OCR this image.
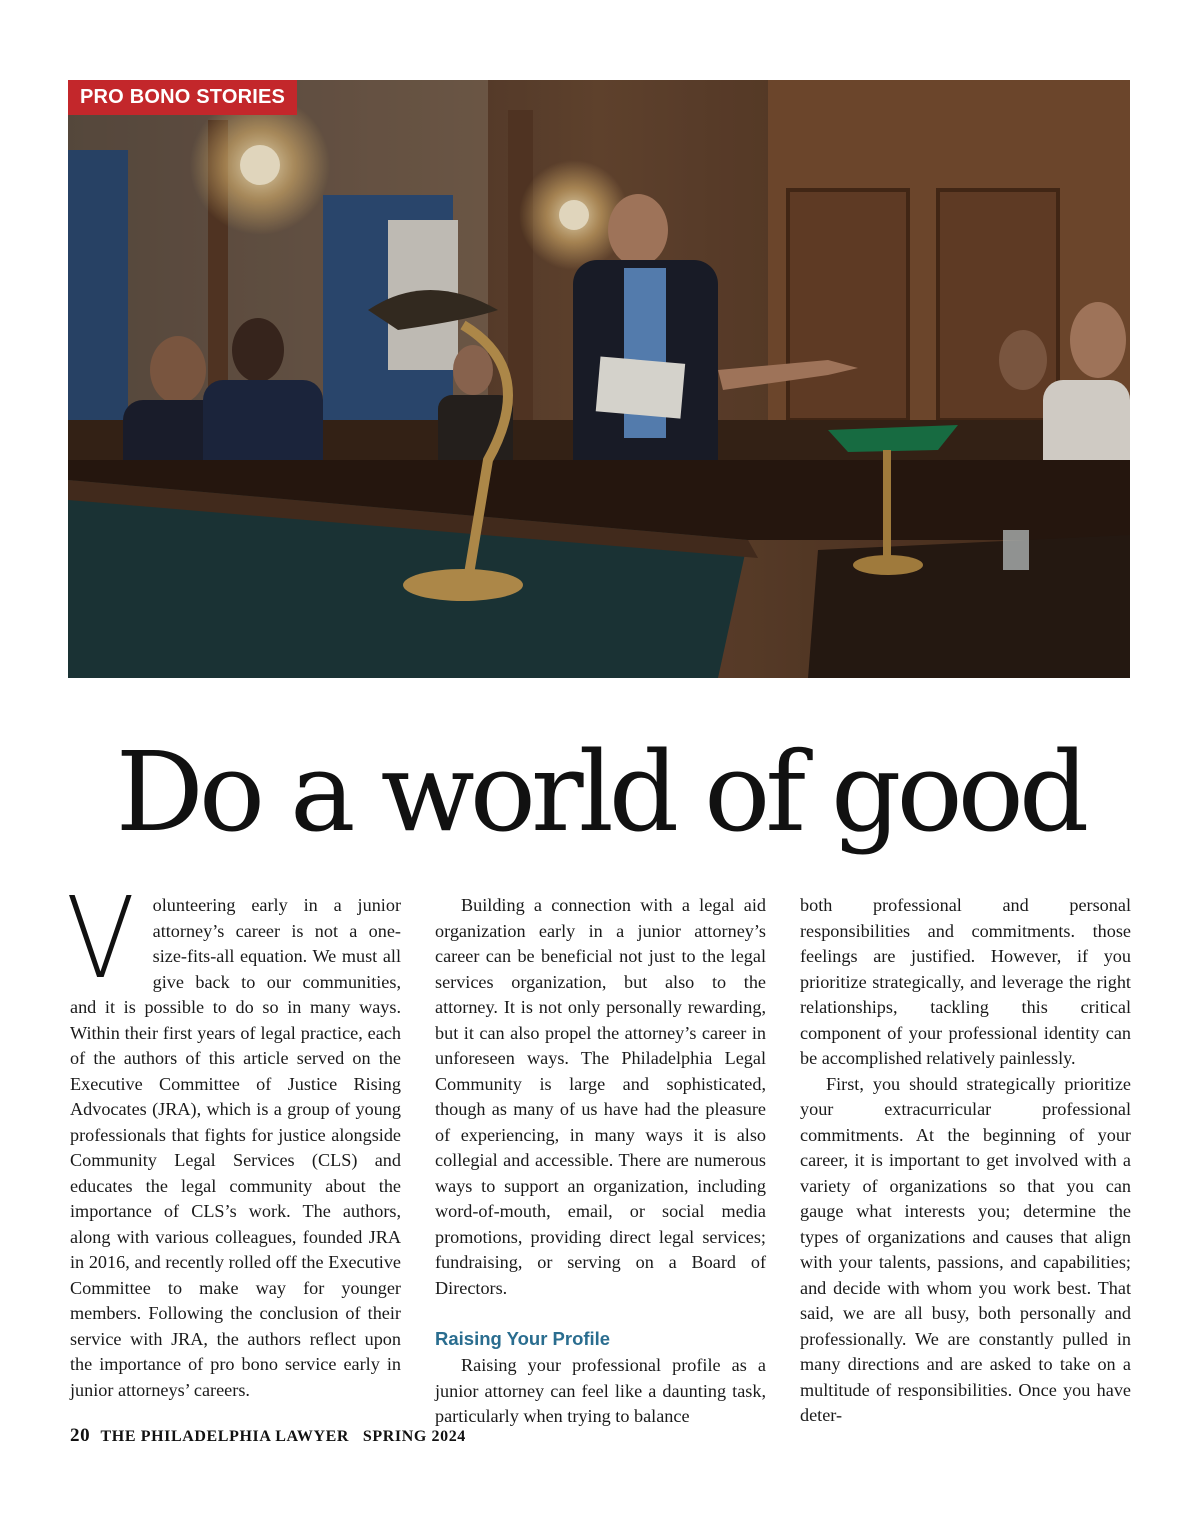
PRO BONO STORIES
Do a world of good

Volunteering early in a junior attorney’s career is not a one-size-fits-all equation. We must all give back to our communities, and it is possible to do so in many ways. Within their first years of legal practice, each of the authors of this article served on the Executive Committee of Justice Rising Advocates (JRA), which is a group of young professionals that fights for justice alongside Community Legal Services (CLS) and educates the legal community about the importance of CLS’s work. The authors, along with various colleagues, founded JRA in 2016, and recently rolled off the Executive Committee to make way for younger members. Following the conclusion of their service with JRA, the authors reflect upon the importance of pro bono service early in junior attorneys’ careers.

Building a connection with a legal aid organization early in a junior attorney’s career can be beneficial not just to the legal services organization, but also to the attorney. It is not only personally rewarding, but it can also propel the attorney’s career in unforeseen ways. The Philadelphia Legal Community is large and sophisticated, though as many of us have had the pleasure of experiencing, in many ways it is also collegial and accessible. There are numerous ways to support an organization, including word-of-mouth, email, or social media promotions, providing direct legal services; fundraising, or serving on a Board of Directors.

Raising Your Profile

Raising your professional profile as a junior attorney can feel like a daunting task, particularly when trying to balance

both professional and personal responsibilities and commitments. those feelings are justified. However, if you prioritize strategically, and leverage the right relationships, tackling this critical component of your professional identity can be accomplished relatively painlessly.

First, you should strategically prioritize your extracurricular professional commitments. At the beginning of your career, it is important to get involved with a variety of organizations so that you can gauge what interests you; determine the types of organizations and causes that align with your talents, passions, and capabilities; and decide with whom you work best. That said, we are all busy, both personally and professionally. We are constantly pulled in many directions and are asked to take on a multitude of responsibilities. Once you have deter-

20 THE PHILADELPHIA LAWYER SPRING 2024
